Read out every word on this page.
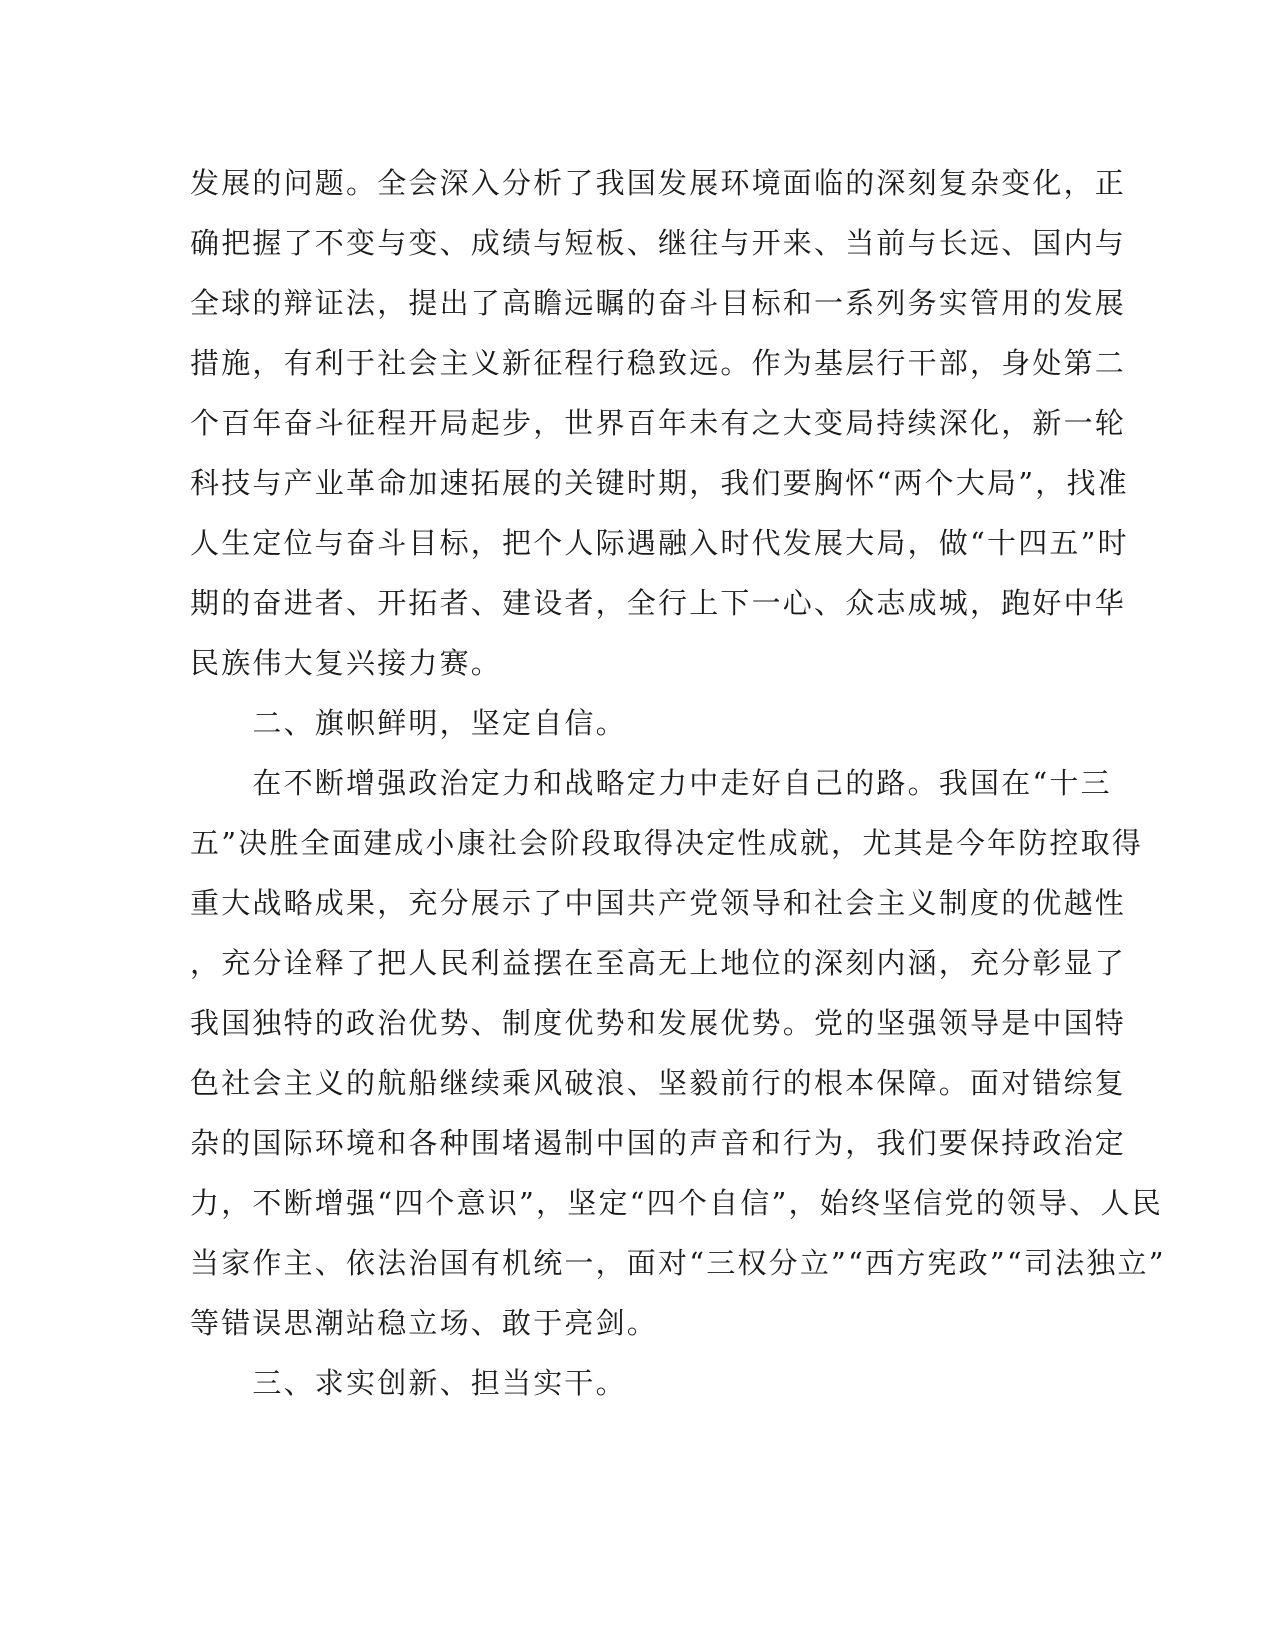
发展的问题。全会深入分析了我国发展环境面临的深刻复杂变化，正
确把握了不变与变、成绩与短板、继往与开来、当前与长远、国内与
全球的辩证法，提出了高瞻远瞩的奋斗目标和一系列务实管用的发展
措施，有利于社会主义新征程行稳致远。作为基层行干部，身处第二
个百年奋斗征程开局起步，世界百年未有之大变局持续深化，新一轮
科技与产业革命加速拓展的关键时期，我们要胸怀“两个大局”，找准
人生定位与奋斗目标，把个人际遇融入时代发展大局，做“十四五”时
期的奋进者、开拓者、建设者，全行上下一心、众志成城，跑好中华
民族伟大复兴接力赛。
　　二、旗帜鲜明，坚定自信。
　　在不断增强政治定力和战略定力中走好自己的路。我国在“十三
五”决胜全面建成小康社会阶段取得决定性成就，尤其是今年防控取得
重大战略成果，充分展示了中国共产党领导和社会主义制度的优越性
，充分诠释了把人民利益摆在至高无上地位的深刻内涵，充分彰显了
我国独特的政治优势、制度优势和发展优势。党的坚强领导是中国特
色社会主义的航船继续乘风破浪、坚毅前行的根本保障。面对错综复
杂的国际环境和各种围堵遏制中国的声音和行为，我们要保持政治定
力，不断增强“四个意识”，坚定“四个自信”，始终坚信党的领导、人民
当家作主、依法治国有机统一，面对“三权分立”“西方宪政”“司法独立”
等错误思潮站稳立场、敢于亮剑。
　　三、求实创新、担当实干。
